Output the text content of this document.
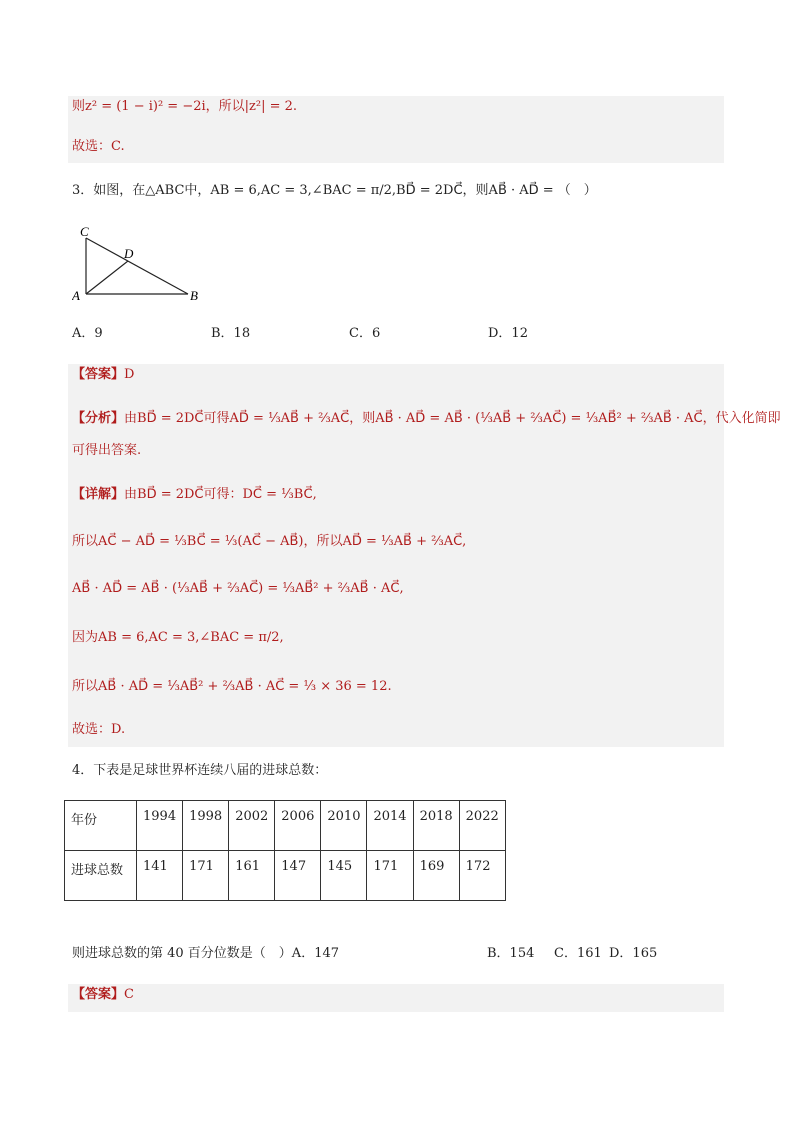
则z² = (1 − i)² = −2i，所以|z²| = 2.
故选：C.
3．如图，在△ABC中，AB = 6,AC = 3,∠BAC = π/2,BD⃗ = 2DC⃗，则AB⃗ · AD⃗ = （　）
C
D
A	B
A．9	B．18	C．6	D．12
【答案】D
【分析】由BD⃗ = 2DC⃗可得AD⃗ = ⅓AB⃗ + ⅔AC⃗，则AB⃗ · AD⃗ = AB⃗ · (⅓AB⃗ + ⅔AC⃗) = ⅓AB⃗² + ⅔AB⃗ · AC⃗，代入化简即
可得出答案.
【详解】由BD⃗ = 2DC⃗可得：DC⃗ = ⅓BC⃗,
所以AC⃗ − AD⃗ = ⅓BC⃗ = ⅓(AC⃗ − AB⃗)，所以AD⃗ = ⅓AB⃗ + ⅔AC⃗,
AB⃗ · AD⃗ = AB⃗ · (⅓AB⃗ + ⅔AC⃗) = ⅓AB⃗² + ⅔AB⃗ · AC⃗,
因为AB = 6,AC = 3,∠BAC = π/2,
所以AB⃗ · AD⃗ = ⅓AB⃗² + ⅔AB⃗ · AC⃗ = ⅓ × 36 = 12.
故选：D.
4．下表是足球世界杯连续八届的进球总数：
年份	1994	1998	2002	2006	2010	2014	2018	2022
进球总数	141	171	161	147	145	171	169	172
则进球总数的第 40 百分位数是（　）A．147	B．154 C．161 D．165
【答案】C
